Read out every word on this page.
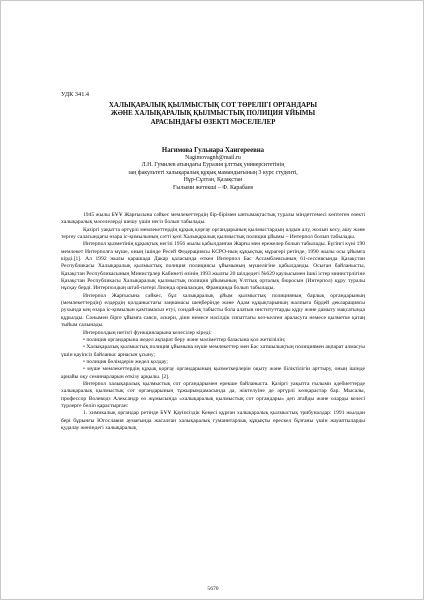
УДК 341.4
ХАЛЫҚАРАЛЫҚ ҚЫЛМЫСТЫҚ СОТ ТӨРЕЛІГІ ОРГАНДАРЫ
ЖӘНЕ ХАЛЫҚАРАЛЫҚ ҚЫЛМЫСТЫҚ ПОЛИЦИЯ ҰЙЫМЫ
АРАСЫНДАҒЫ ӨЗЕКТІ МӘСЕЛЕЛЕР
Нагимова Гульнара Хангереевна
Nagimovagnh@mail.ru
Л.Н. Гумилев атындағы Еуразия ұлттық университетінің
заң факультеті халықаралық құқық мамандығының 3 курс студенті,
Нұр-Сұлтан, Қазақстан
Ғылыми жетекші – Ф. Карабаев

1945 жылы БҰҰ Жарғысына сәйкес мемлекеттердің бір-бірімен ынтымақтастық туралы міндеттемесі көптеген өзекті халықаралық мәселелерді шешу үшін негіз болып табылады.

Қазіргі уақытта әртүрлі мемлекеттердің құқық қорғау органдарының қылмыстардың алдын алу, жолын кесу, ашу және тергеу саласындағы өзара іс-қимылының сәтті қөзі Халықаралық қылмыстық полиция ұйымы – Интерпол болып табылады.

Интерпол қызметінің құқықтық негізі 1956 жылы қабылданған Жарғы мен ережелер болып табылады. Бүгінгі күні 190 мемлекет Интерполға мүше, оның ішінде Ресей Федерациясы КСРО-ның құқықтық мұрагері ретінде, 1990 жылы осы ұйымға кірді.[1]. Ал 1992 жылы қарашада Дакар қаласында өткен Интерпол Бас Ассамблеясының 61-сессиясында Қазақстан Республикасы Халықаралық қылмыстық полиция полициясы ұйымының мүшелігіне қабылданды. Осыған байланысты, Қазақстан Республикасының Министрлер Кабинеті өзінің 1993 жылғы 20 шілдедегі №629 қаулысымен Ішкі істер министрлігіне Қазақстан Республикасы Халықаралық қылмыстық полиция ұйымының Ұлттық орталық бюросын (Интерпол) құру туралы нұсқау берді. Интерполдың штаб-пәтері Лионда орналасқан, Францияда болып табылады.

Интерпол Жарғысына сәйкес, бұл халықаралық ұйым қылмыстық полицияның барлық органдарының (мемлекеттердің) елдердің қолданыстағы заңнамасы шеңберінде және Адам құқықтарының жалпыға бірдей декларациясы рухында кең өзара іс-қимылын қамтамасыз етуі, сондай-ақ табысты бола алатын институттарды құру және дамыту мақсатында құрылды. Сонымен бірге ұйымға саяси, әскери, діни немесе нәсілдік сипаттағы кез-келген араласуға немесе қызметке қатаң тыйым салынады.

Интерполдың негізгі функцияларына келесілер кіреді:

• полиция органдарына жедел ақпарат беру және мәліметтер базасына қол жеткізілін;

• Халықаралық қылмыстық полиция ұйымына мүше мемлекеттер мен Бас хатшылықтың полициямен ақпарат алмасуы үшін қауіпсіз байланыс арнасын ұсыну;

• полиция бөлімдерін жедел қолдау;

• мүше мемлекеттердің құқық қорғау органдарының қызметкерлерін оқыту және біліктілігін арттыру, оның ішінде арнайы оқу семинарларын өткізу арқылы. [2].

Интерпол халықаралық қылмыстық сот органдарымен ерекше байланыста. Қазіргі уақытта ғылыми әдебиеттерде халықаралық қылмыстық сот органдарының тұжырымдамасында да, жіктелуіне де әртүрлі көзқарастар бар. Мысалы, профессор Волеводз Александр өз жұмысында «халықаралық қылмыстық сот органдары» деп атайды және оларды келесі түрлерге бөліп қарастырған:

1. химикалық органдар ретінде БҰҰ Қауіпсіздік Кеңесі құрған халықаралық қылмыстық трибуналдар: 1991 жылдан бері бұрынғы Югославия аумағында жасалған халықаралық гуманитарлық құқықты өрескел бұзғаны үшін жауаптыларды қудалау жөніндегі халықаралық

5670
